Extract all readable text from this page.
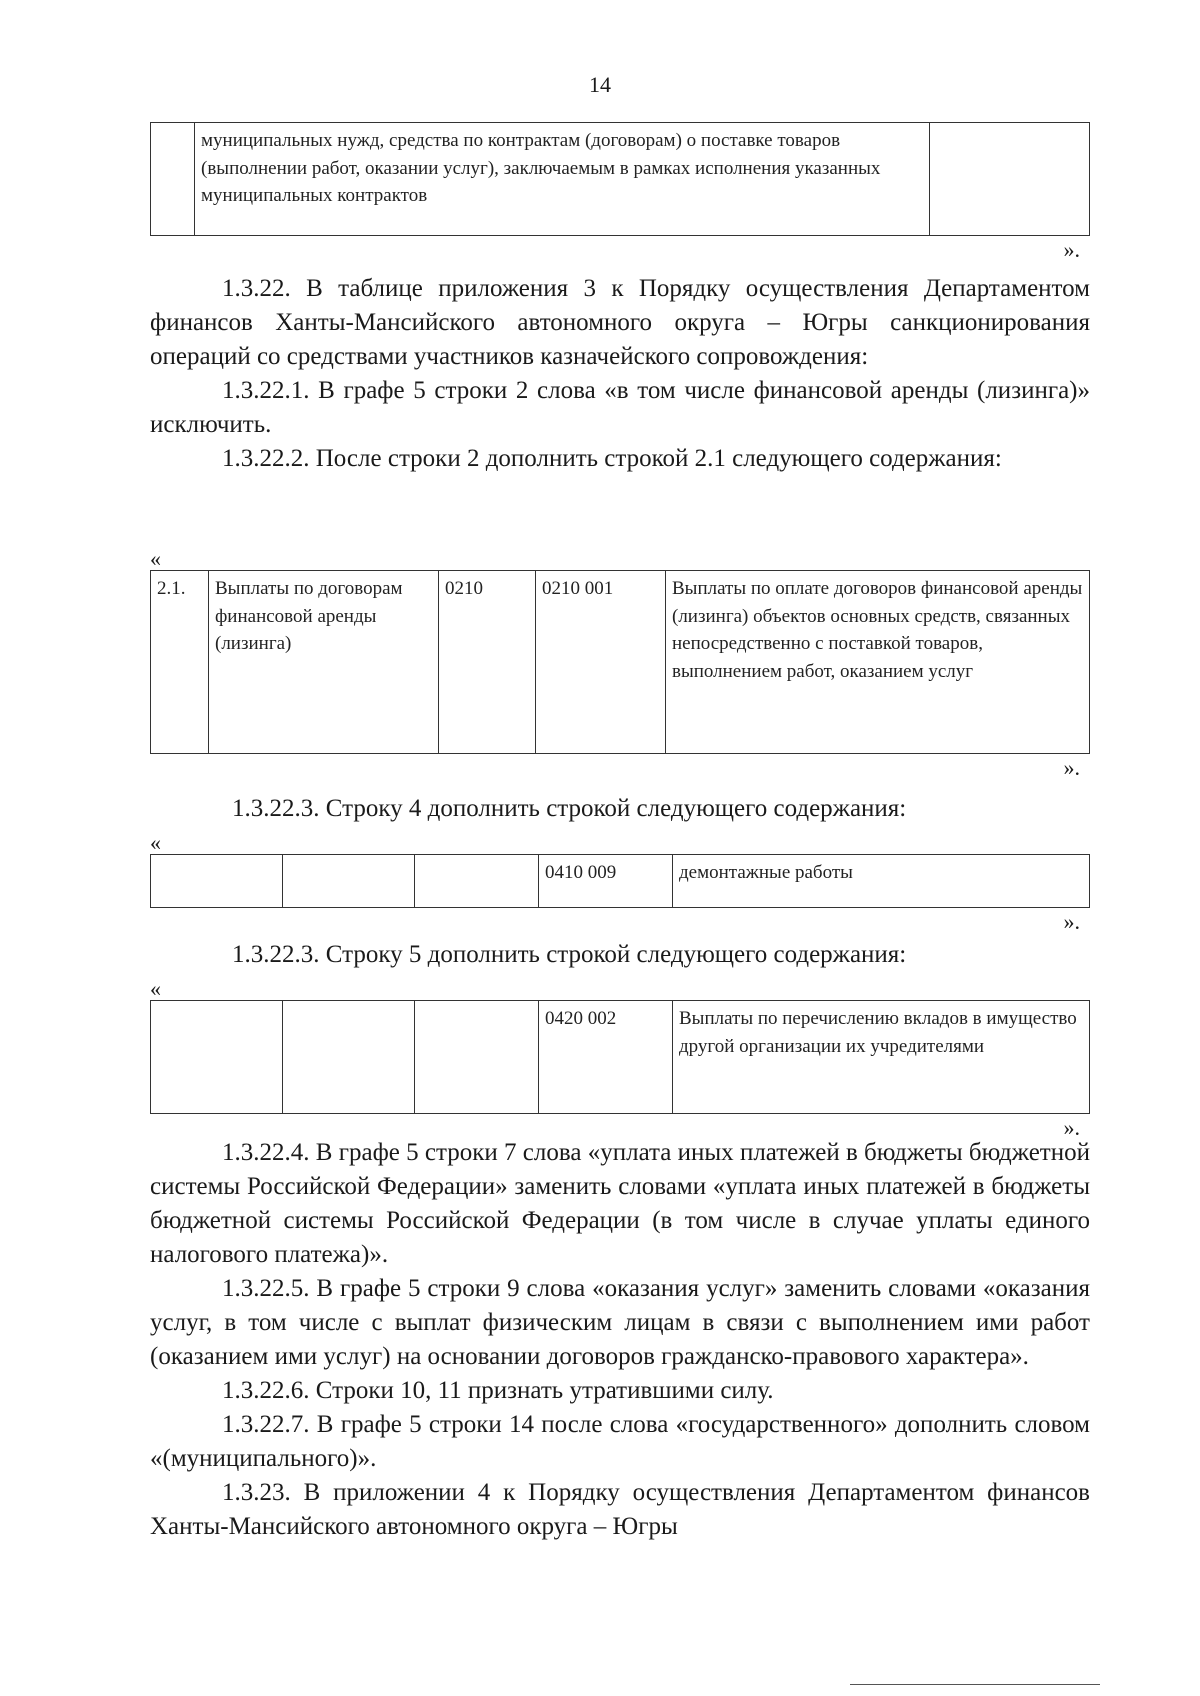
14
	муниципальных нужд, средства по контрактам (договорам) о поставке товаров (выполнении работ, оказании услуг), заключаемым в рамках исполнения указанных муниципальных контрактов	
».

1.3.22. В таблице приложения 3 к Порядку осуществления Департаментом финансов Ханты-Мансийского автономного округа – Югры санкционирования операций со средствами участников казначейского сопровождения:

1.3.22.1. В графе 5 строки 2 слова «в том числе финансовой аренды (лизинга)» исключить.

1.3.22.2. После строки 2 дополнить строкой 2.1 следующего содержания:

«
2.1.	Выплаты по договорам финансовой аренды (лизинга)	0210	0210 001	Выплаты по оплате договоров финансовой аренды (лизинга) объектов основных средств, связанных непосредственно с поставкой товаров, выполнением работ, оказанием услуг
».
1.3.22.3. Строку 4 дополнить строкой следующего содержания:
«
			0410 009	демонтажные работы
».
1.3.22.3. Строку 5 дополнить строкой следующего содержания:
«
			0420 002	Выплаты по перечислению вкладов в имущество другой организации их учредителями
».

1.3.22.4. В графе 5 строки 7 слова «уплата иных платежей в бюджеты бюджетной системы Российской Федерации» заменить словами «уплата иных платежей в бюджеты бюджетной системы Российской Федерации (в том числе в случае уплаты единого налогового платежа)».

1.3.22.5. В графе 5 строки 9 слова «оказания услуг» заменить словами «оказания услуг, в том числе с выплат физическим лицам в связи с выполнением ими работ (оказанием ими услуг) на основании договоров гражданско-правового характера».

1.3.22.6. Строки 10, 11 признать утратившими силу.

1.3.22.7. В графе 5 строки 14 после слова «государственного» дополнить словом «(муниципального)».

1.3.23. В приложении 4 к Порядку осуществления Департаментом финансов Ханты-Мансийского автономного округа – Югры
